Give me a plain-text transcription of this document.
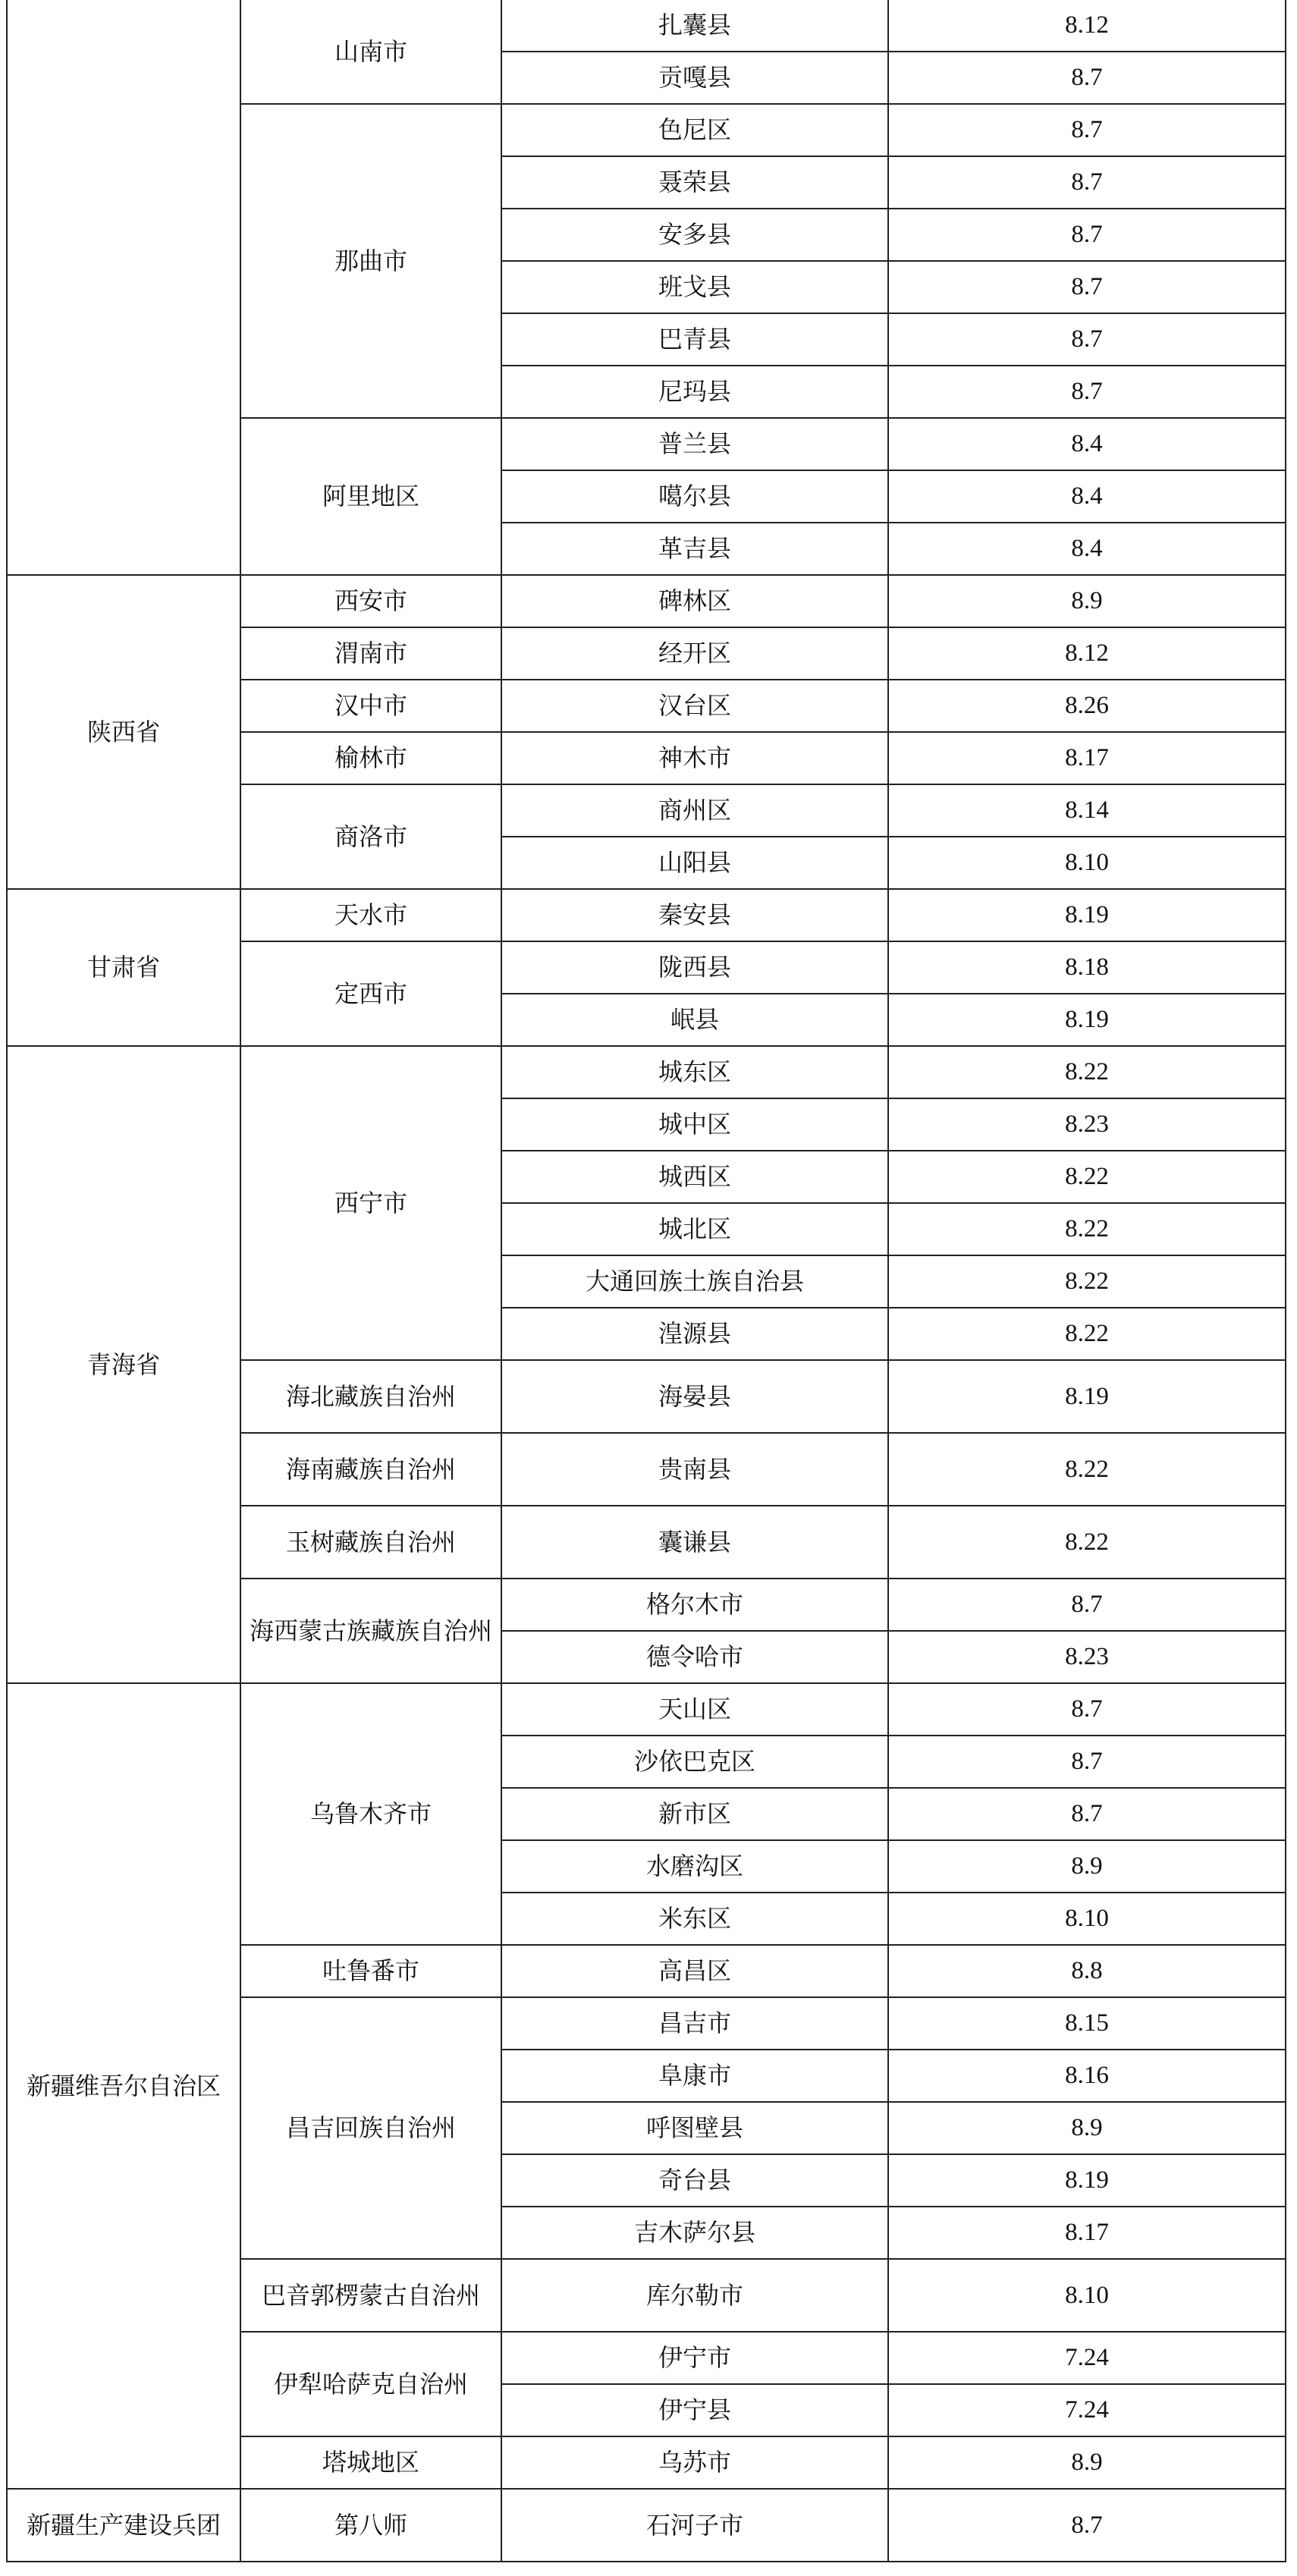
	山南市	扎囊县	8.12
		贡嘎县	8.7
	那曲市	色尼区	8.7
		聂荣县	8.7
		安多县	8.7
		班戈县	8.7
		巴青县	8.7
		尼玛县	8.7
	阿里地区	普兰县	8.4
		噶尔县	8.4
		革吉县	8.4
陕西省	西安市	碑林区	8.9
	渭南市	经开区	8.12
	汉中市	汉台区	8.26
	榆林市	神木市	8.17
	商洛市	商州区	8.14
		山阳县	8.10
甘肃省	天水市	秦安县	8.19
	定西市	陇西县	8.18
		岷县	8.19
青海省	西宁市	城东区	8.22
		城中区	8.23
		城西区	8.22
		城北区	8.22
		大通回族土族自治县	8.22
		湟源县	8.22
	海北藏族自治州	海晏县	8.19
	海南藏族自治州	贵南县	8.22
	玉树藏族自治州	囊谦县	8.22
	海西蒙古族藏族自治州	格尔木市	8.7
		德令哈市	8.23
新疆维吾尔自治区	乌鲁木齐市	天山区	8.7
		沙依巴克区	8.7
		新市区	8.7
		水磨沟区	8.9
		米东区	8.10
	吐鲁番市	高昌区	8.8
	昌吉回族自治州	昌吉市	8.15
		阜康市	8.16
		呼图壁县	8.9
		奇台县	8.19
		吉木萨尔县	8.17
	巴音郭楞蒙古自治州	库尔勒市	8.10
	伊犁哈萨克自治州	伊宁市	7.24
		伊宁县	7.24
	塔城地区	乌苏市	8.9
新疆生产建设兵团	第八师	石河子市	8.7
